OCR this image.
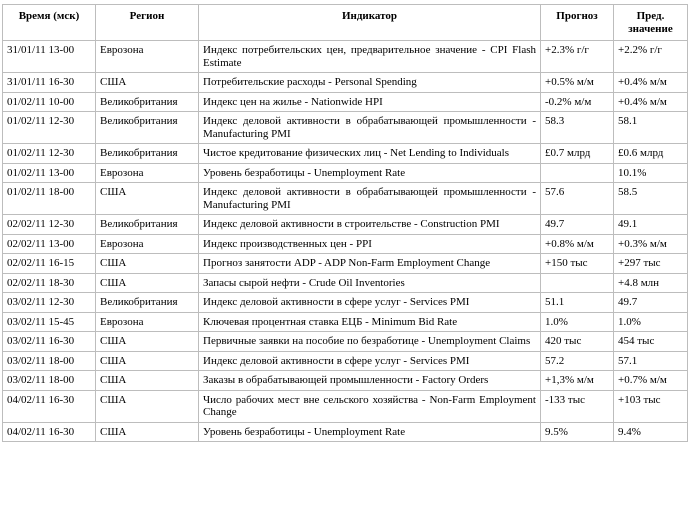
Время (мск)	Регион	Индикатор	Прогноз	Пред. значение
31/01/11 13-00	Еврозона	Индекс потребительских цен, предварительное значение - CPI Flash Estimate	+2.3% г/г	+2.2% г/г
31/01/11 16-30	США	Потребительские расходы - Personal Spending	+0.5% м/м	+0.4% м/м
01/02/11 10-00	Великобритания	Индекс цен на жилье - Nationwide HPI	-0.2% м/м	+0.4% м/м
01/02/11 12-30	Великобритания	Индекс деловой активности в обрабатывающей промышленности - Manufacturing PMI	58.3	58.1
01/02/11 12-30	Великобритания	Чистое кредитование физических лиц - Net Lending to Individuals	£0.7 млрд	£0.6 млрд
01/02/11 13-00	Еврозона	Уровень безработицы - Unemployment Rate		10.1%
01/02/11 18-00	США	Индекс деловой активности в обрабатывающей промышленности - Manufacturing PMI	57.6	58.5
02/02/11 12-30	Великобритания	Индекс деловой активности в строительстве - Construction PMI	49.7	49.1
02/02/11 13-00	Еврозона	Индекс производственных цен - PPI	+0.8% м/м	+0.3% м/м
02/02/11 16-15	США	Прогноз занятости ADP - ADP Non-Farm Employment Change	+150 тыс	+297 тыс
02/02/11 18-30	США	Запасы сырой нефти - Crude Oil Inventories		+4.8 млн
03/02/11 12-30	Великобритания	Индекс деловой активности в сфере услуг - Services PMI	51.1	49.7
03/02/11 15-45	Еврозона	Ключевая процентная ставка ЕЦБ - Minimum Bid Rate	1.0%	1.0%
03/02/11 16-30	США	Первичные заявки на пособие по безработице - Unemployment Claims	420 тыс	454 тыс
03/02/11 18-00	США	Индекс деловой активности в сфере услуг - Services PMI	57.2	57.1
03/02/11 18-00	США	Заказы в обрабатывающей промышленности - Factory Orders	+1,3% м/м	+0.7% м/м
04/02/11 16-30	США	Число рабочих мест вне сельского хозяйства - Non-Farm Employment Change	-133 тыс	+103 тыс
04/02/11 16-30	США	Уровень безработицы - Unemployment Rate	9.5%	9.4%
